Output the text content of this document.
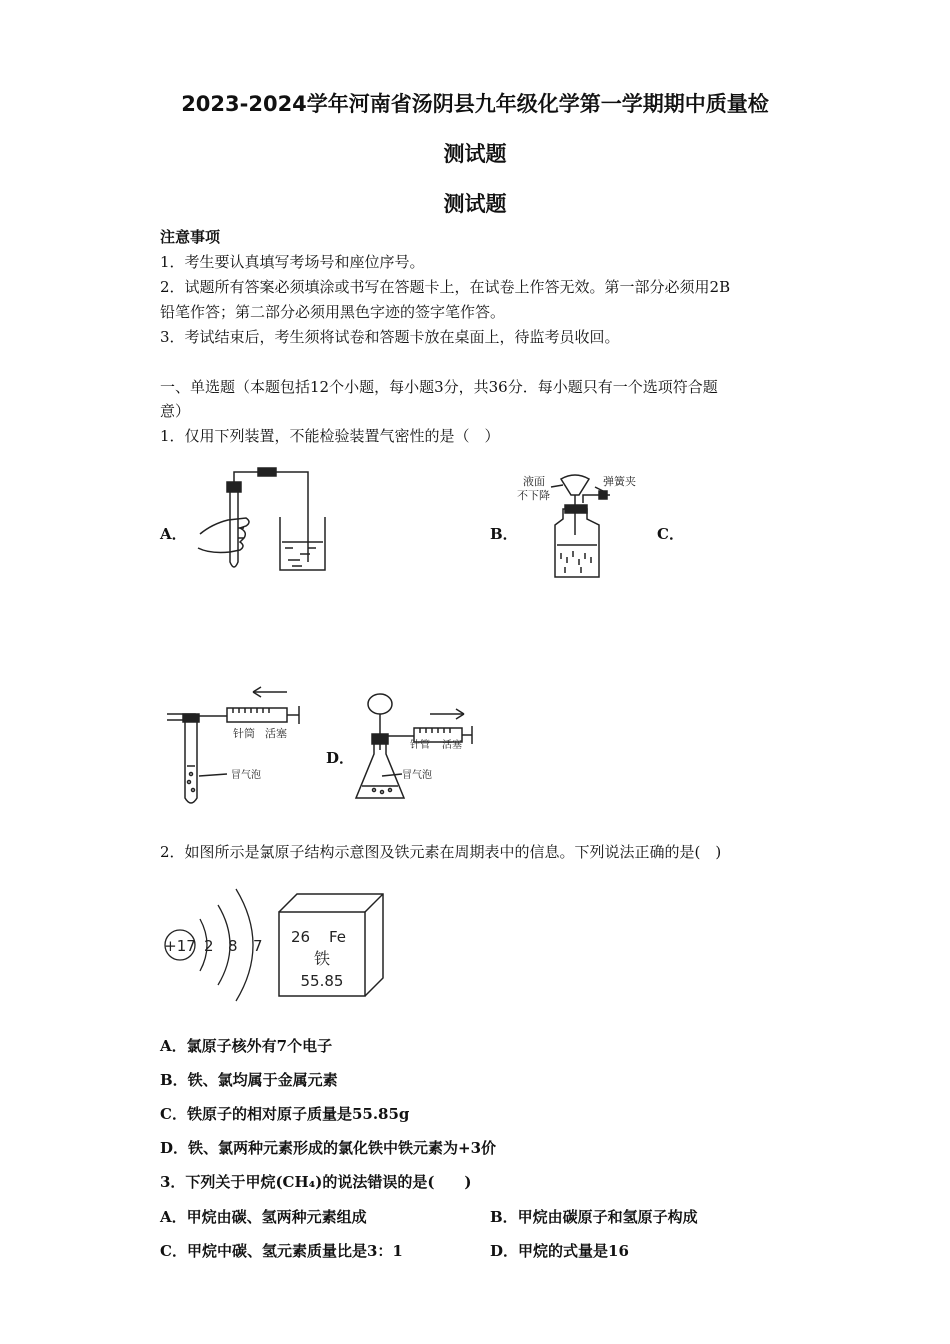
2023-2024学年河南省汤阴县九年级化学第一学期期中质量检
测试题
测试题
注意事项
1．考生要认真填写考场号和座位序号。
2．试题所有答案必须填涂或书写在答题卡上，在试卷上作答无效。第一部分必须用2B
铅笔作答；第二部分必须用黑色字迹的签字笔作答。
3．考试结束后，考生须将试卷和答题卡放在桌面上，待监考员收回。
一、单选题（本题包括12个小题，每小题3分，共36分．每小题只有一个选项符合题
意）
1．仅用下列装置，不能检验装置气密性的是（　）
A．	B．	C．
D．
液面
不下降
弹簧夹
针筒 活塞
冒气泡
针管 活塞
冒气泡
2．如图所示是氯原子结构示意图及铁元素在周期表中的信息。下列说法正确的是(　)
+17 2 8 7 26 Fe
铁
55.85
A．氯原子核外有7个电子
B．铁、氯均属于金属元素
C．铁原子的相对原子质量是55.85g
D．铁、氯两种元素形成的氯化铁中铁元素为+3价
3．下列关于甲烷(CH₄)的说法错误的是(　　)
A．甲烷由碳、氢两种元素组成	B．甲烷由碳原子和氢原子构成
C．甲烷中碳、氢元素质量比是3：1	D．甲烷的式量是16
